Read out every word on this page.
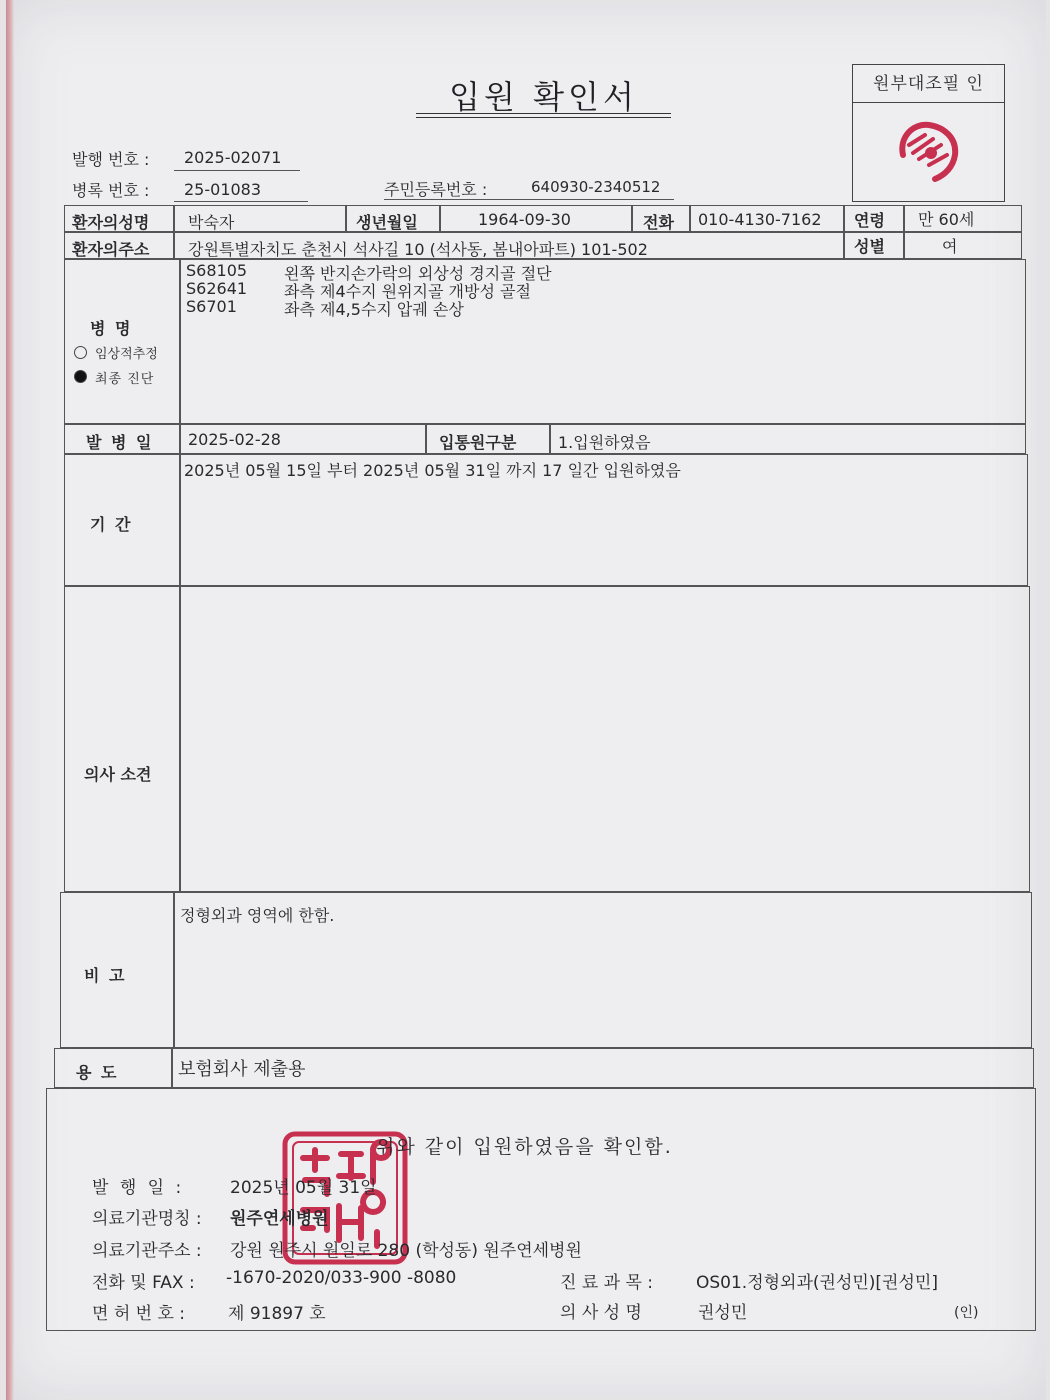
입원 확인서	원부대조필 인
발행 번호 : 2025-02071
병록 번호 : 25-01083	주민등록번호 :	640930-2340512
환자의성명 박숙자	생년월일	1964-09-30	전화 010-4130-7162 연령 만 60세
환자의주소 강원특별자치도 춘천시 석사길 10 (석사동, 봄내아파트) 101-502	성별	여
병 명
임상적추정
최종 진단
S68105 왼쪽 반지손가락의 외상성 경지골 절단
S62641 좌측 제4수지 원위지골 개방성 골절
S6701	좌측 제4,5수지 압궤 손상
발 병 일 2025-02-28	입통원구분	1.입원하였음
기 간
2025년 05월 15일 부터 2025년 05월 31일 까지 17 일간 입원하였음
의사 소견
비 고
정형외과 영역에 한함.
용 도	보험회사 제출용
위와 같이 입원하였음을 확인함.
발 행 일 :	2025년 05월 31일
의료기관명칭 : 원주연세병원
의료기관주소 : 강원 원주시 원일로 280 (학성동) 원주연세병원
전화 및 FAX : -1670-2020/033-900 -8080	진 료 과 목 :	OS01.정형외과(권성민)[권성민]
면 허 번 호 :	제 91897 호	의 사 성 명	권성민	(인)
